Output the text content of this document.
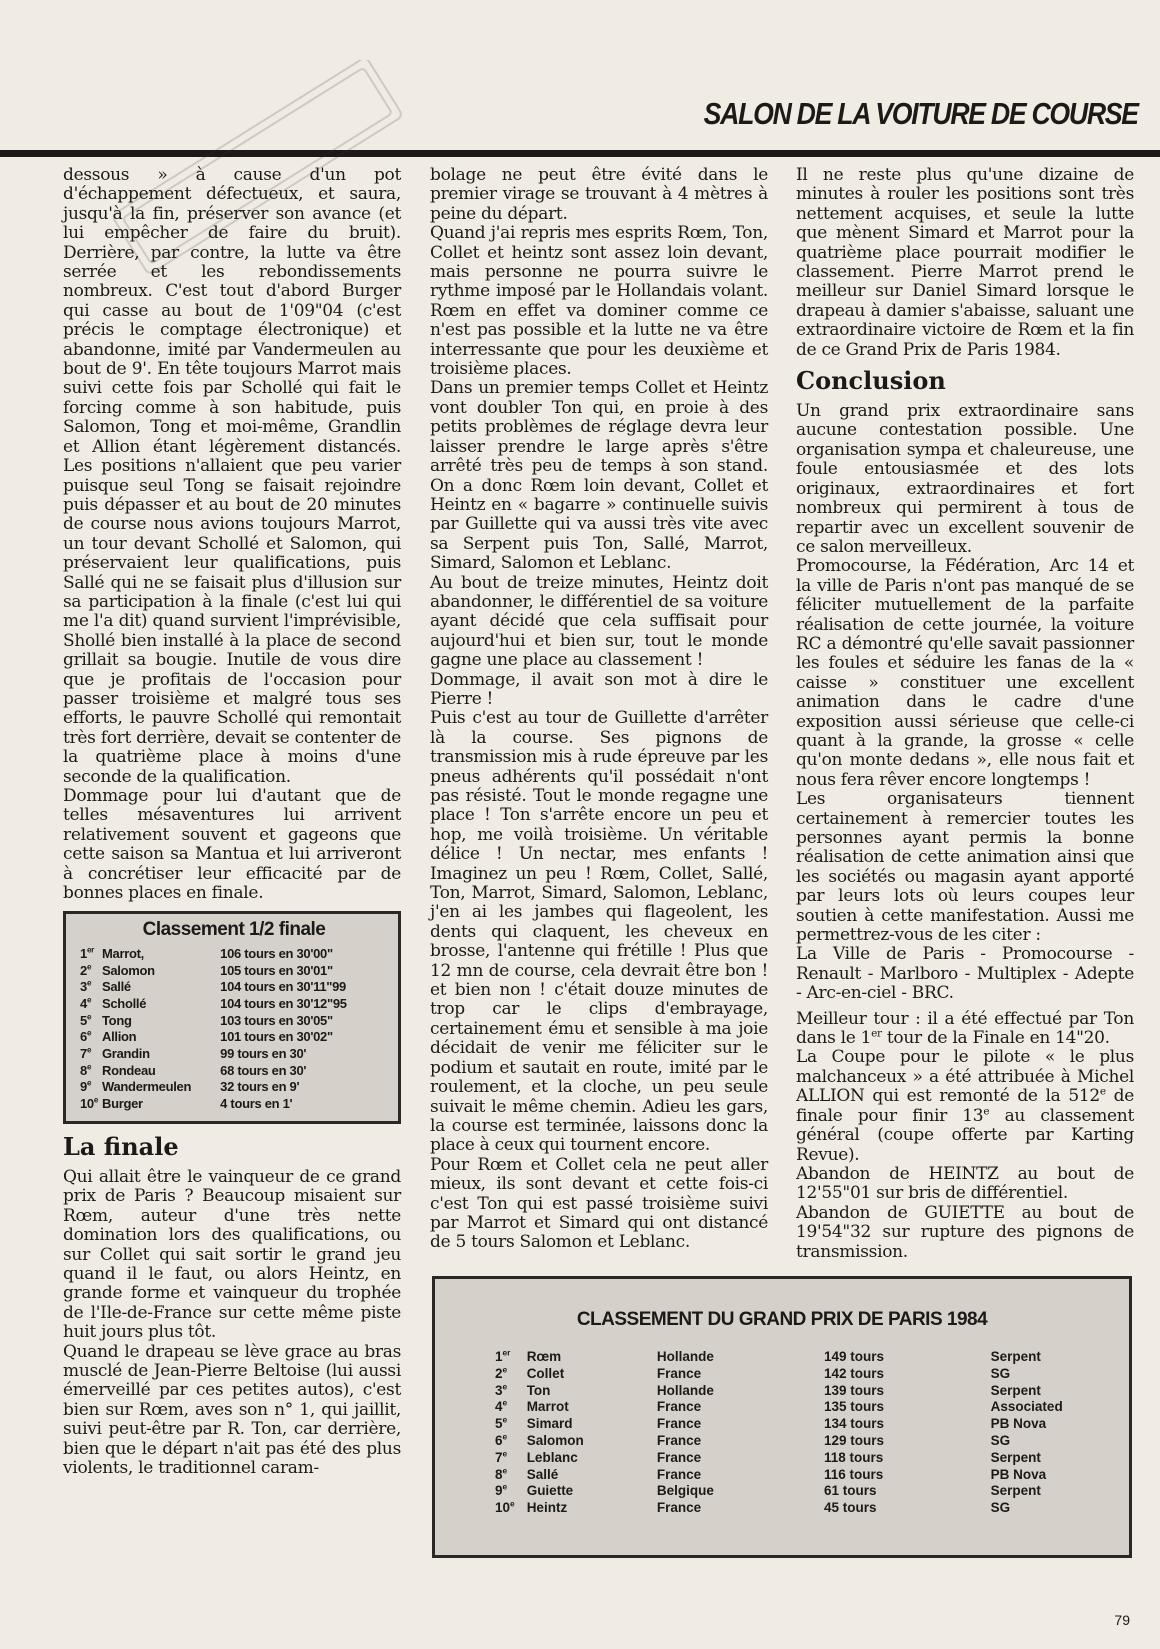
SALON DE LA VOITURE DE COURSE

dessous » à cause d'un pot d'échappement défectueux, et saura, jusqu'à la fin, préserver son avance (et lui empêcher de faire du bruit). Derrière, par contre, la lutte va être serrée et les rebondissements nombreux. C'est tout d'abord Burger qui casse au bout de 1'09"04 (c'est précis le comptage électronique) et abandonne, imité par Vandermeulen au bout de 9'. En tête toujours Marrot mais suivi cette fois par Schollé qui fait le forcing comme à son habitude, puis Salomon, Tong et moi-même, Grandlin et Allion étant légèrement distancés. Les positions n'allaient que peu varier puisque seul Tong se faisait rejoindre puis dépasser et au bout de 20 minutes de course nous avions toujours Marrot, un tour devant Schollé et Salomon, qui préservaient leur qualifications, puis Sallé qui ne se faisait plus d'illusion sur sa participation à la finale (c'est lui qui me l'a dit) quand survient l'imprévisible, Shollé bien installé à la place de second grillait sa bougie. Inutile de vous dire que je profitais de l'occasion pour passer troisième et malgré tous ses efforts, le pauvre Schollé qui remontait très fort derrière, devait se contenter de la quatrième place à moins d'une seconde de la qualification.

Dommage pour lui d'autant que de telles mésaventures lui arrivent relativement souvent et gageons que cette saison sa Mantua et lui arriveront à concrétiser leur efficacité par de bonnes places en finale.

Classement 1/2 finale
1er	Marrot,	106 tours en 30'00"
2e	Salomon	105 tours en 30'01"
3e	Sallé	104 tours en 30'11"99
4e	Schollé	104 tours en 30'12"95
5e	Tong	103 tours en 30'05"
6e	Allion	101 tours en 30'02"
7e	Grandin	99 tours en 30'
8e	Rondeau	68 tours en 30'
9e	Wandermeulen	32 tours en 9'
10e	Burger	4 tours en 1'
La finale

Qui allait être le vainqueur de ce grand prix de Paris ? Beaucoup misaient sur Rœm, auteur d'une très nette domination lors des qualifications, ou sur Collet qui sait sortir le grand jeu quand il le faut, ou alors Heintz, en grande forme et vainqueur du trophée de l'Ile-de-France sur cette même piste huit jours plus tôt.

Quand le drapeau se lève grace au bras musclé de Jean-Pierre Beltoise (lui aussi émerveillé par ces petites autos), c'est bien sur Rœm, aves son n° 1, qui jaillit, suivi peut-être par R. Ton, car derrière, bien que le départ n'ait pas été des plus violents, le traditionnel caram-

bolage ne peut être évité dans le premier virage se trouvant à 4 mètres à peine du départ.

Quand j'ai repris mes esprits Rœm, Ton, Collet et heintz sont assez loin devant, mais personne ne pourra suivre le rythme imposé par le Hollandais volant. Rœm en effet va dominer comme ce n'est pas possible et la lutte ne va être interressante que pour les deuxième et troisième places.

Dans un premier temps Collet et Heintz vont doubler Ton qui, en proie à des petits problèmes de réglage devra leur laisser prendre le large après s'être arrêté très peu de temps à son stand. On a donc Rœm loin devant, Collet et Heintz en « bagarre » continuelle suivis par Guillette qui va aussi très vite avec sa Serpent puis Ton, Sallé, Marrot, Simard, Salomon et Leblanc.

Au bout de treize minutes, Heintz doit abandonner, le différentiel de sa voiture ayant décidé que cela suffisait pour aujourd'hui et bien sur, tout le monde gagne une place au classement !

Dommage, il avait son mot à dire le Pierre !

Puis c'est au tour de Guillette d'arrêter là la course. Ses pignons de transmission mis à rude épreuve par les pneus adhérents qu'il possédait n'ont pas résisté. Tout le monde regagne une place ! Ton s'arrête encore un peu et hop, me voilà troisième. Un véritable délice ! Un nectar, mes enfants ! Imaginez un peu ! Rœm, Collet, Sallé, Ton, Marrot, Simard, Salomon, Leblanc, j'en ai les jambes qui flageolent, les dents qui claquent, les cheveux en brosse, l'antenne qui frétille ! Plus que 12 mn de course, cela devrait être bon ! et bien non ! c'était douze minutes de trop car le clips d'embrayage, certainement ému et sensible à ma joie décidait de venir me féliciter sur le podium et sautait en route, imité par le roulement, et la cloche, un peu seule suivait le même chemin. Adieu les gars, la course est terminée, laissons donc la place à ceux qui tournent encore.

Pour Rœm et Collet cela ne peut aller mieux, ils sont devant et cette fois-ci c'est Ton qui est passé troisième suivi par Marrot et Simard qui ont distancé de 5 tours Salomon et Leblanc.

Il ne reste plus qu'une dizaine de minutes à rouler les positions sont très nettement acquises, et seule la lutte que mènent Simard et Marrot pour la quatrième place pourrait modifier le classement. Pierre Marrot prend le meilleur sur Daniel Simard lorsque le drapeau à damier s'abaisse, saluant une extraordinaire victoire de Rœm et la fin de ce Grand Prix de Paris 1984.

Conclusion

Un grand prix extraordinaire sans aucune contestation possible. Une organisation sympa et chaleureuse, une foule entousiasmée et des lots originaux, extraordinaires et fort nombreux qui permirent à tous de repartir avec un excellent souvenir de ce salon merveilleux.

Promocourse, la Fédération, Arc 14 et la ville de Paris n'ont pas manqué de se féliciter mutuellement de la parfaite réalisation de cette journée, la voiture RC a démontré qu'elle savait passionner les foules et séduire les fanas de la « caisse » constituer une excellent animation dans le cadre d'une exposition aussi sérieuse que celle-ci quant à la grande, la grosse « celle qu'on monte dedans », elle nous fait et nous fera rêver encore longtemps !

Les organisateurs tiennent certainement à remercier toutes les personnes ayant permis la bonne réalisation de cette animation ainsi que les sociétés ou magasin ayant apporté par leurs lots où leurs coupes leur soutien à cette manifestation. Aussi me permettrez-vous de les citer :

La Ville de Paris - Promocourse - Renault - Marlboro - Multiplex - Adepte - Arc-en-ciel - BRC.

Meilleur tour : il a été effectué par Ton dans le 1er tour de la Finale en 14"20.

La Coupe pour le pilote « le plus malchanceux » a été attribuée à Michel ALLION qui est remonté de la 512e de finale pour finir 13e au classement général (coupe offerte par Karting Revue).

Abandon de HEINTZ au bout de 12'55"01 sur bris de différentiel.

Abandon de GUIETTE au bout de 19'54"32 sur rupture des pignons de transmission.

CLASSEMENT DU GRAND PRIX DE PARIS 1984
1er	Rœm	Hollande	149 tours	Serpent
2e	Collet	France	142 tours	SG
3e	Ton	Hollande	139 tours	Serpent
4e	Marrot	France	135 tours	Associated
5e	Simard	France	134 tours	PB Nova
6e	Salomon	France	129 tours	SG
7e	Leblanc	France	118 tours	Serpent
8e	Sallé	France	116 tours	PB Nova
9e	Guiette	Belgique	61 tours	Serpent
10e	Heintz	France	45 tours	SG
79
